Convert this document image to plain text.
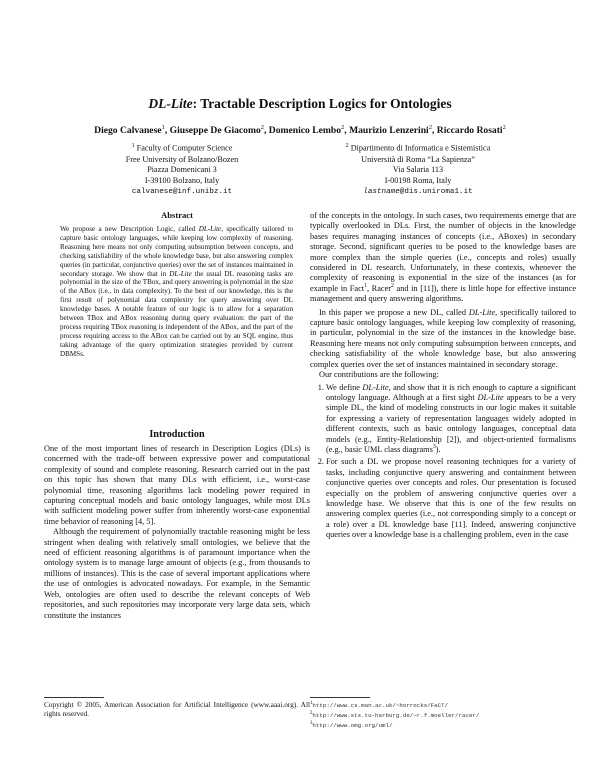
DL-Lite: Tractable Description Logics for Ontologies
Diego Calvanese$^1$, Giuseppe De Giacomo$^2$, Domenico Lembo$^2$, Maurizio Lenzerini$^2$, Riccardo Rosati$^2$
$^1$ Faculty of Computer Science
Free University of Bolzano/Bozen
Piazza Domenicani 3
I-39100 Bolzano, Italy
calvanese@inf.unibz.it
$^2$ Dipartimento di Informatica e Sistemistica
Università di Roma “La Sapienza”
Via Salaria 113
I-00198 Roma, Italy
lastname@dis.uniroma1.it
Abstract
We propose a new Description Logic, called DL-Lite, specifically tailored to capture basic ontology languages, while keeping low complexity of reasoning. Reasoning here means not only computing subsumption between concepts, and checking satisfiability of the whole knowledge base, but also answering complex queries (in particular, conjunctive queries) over the set of instances maintained in secondary storage. We show that in DL-Lite the usual DL reasoning tasks are polynomial in the size of the TBox, and query answering is polynomial in the size of the ABox (i.e., in data complexity). To the best of our knowledge, this is the first result of polynomial data complexity for query answering over DL knowledge bases. A notable feature of our logic is to allow for a separation between TBox and ABox reasoning during query evaluation: the part of the process requiring TBox reasoning is independent of the ABox, and the part of the process requiring access to the ABox can be carried out by an SQL engine, thus taking advantage of the query optimization strategies provided by current DBMSs.
Introduction

One of the most important lines of research in Description Logics (DLs) is concerned with the trade-off between expressive power and computational complexity of sound and complete reasoning. Research carried out in the past on this topic has shown that many DLs with efficient, i.e., worst-case polynomial time, reasoning algorithms lack modeling power required in capturing conceptual models and basic ontology languages, while most DLs with sufficient modeling power suffer from inherently worst-case exponential time behavior of reasoning [4, 5].

Although the requirement of polynomially tractable reasoning might be less stringent when dealing with relatively small ontologies, we believe that the need of efficient reasoning algorithms is of paramount importance when the ontology system is to manage large amount of objects (e.g., from thousands to millions of instances). This is the case of several important applications where the use of ontologies is advocated nowadays. For example, in the Semantic Web, ontologies are often used to describe the relevant concepts of Web repositories, and such repositories may incorporate very large data sets, which constitute the instances

Copyright © 2005, American Association for Artificial Intelligence (www.aaai.org). All rights reserved.

of the concepts in the ontology. In such cases, two requirements emerge that are typically overlooked in DLs. First, the number of objects in the knowledge bases requires managing instances of concepts (i.e., ABoxes) in secondary storage. Second, significant queries to be posed to the knowledge bases are more complex than the simple queries (i.e., concepts and roles) usually considered in DL research. Unfortunately, in these contexts, whenever the complexity of reasoning is exponential in the size of the instances (as for example in Fact$^1$, Racer$^2$ and in [11]), there is little hope for effective instance management and query answering algorithms.

In this paper we propose a new DL, called DL-Lite, specifically tailored to capture basic ontology languages, while keeping low complexity of reasoning, in particular, polynomial in the size of the instances in the knowledge base. Reasoning here means not only computing subsumption between concepts, and checking satisfiability of the whole knowledge base, but also answering complex queries over the set of instances maintained in secondary storage.

Our contributions are the following:

1. We define DL-Lite, and show that it is rich enough to capture a significant ontology language. Although at a first sight DL-Lite appears to be a very simple DL, the kind of modeling constructs in our logic makes it suitable for expressing a variety of representation languages widely adopted in different contexts, such as basic ontology languages, conceptual data models (e.g., Entity-Relationship [2]), and object-oriented formalisms (e.g., basic UML class diagrams$^3$).
2. For such a DL we propose novel reasoning techniques for a variety of tasks, including conjunctive query answering and containment between conjunctive queries over concepts and roles. Our presentation is focused especially on the problem of answering conjunctive queries over a knowledge base. We observe that this is one of the few results on answering complex queries (i.e., not corresponding simply to a concept or a role) over a DL knowledge base [11]. Indeed, answering conjunctive queries over a knowledge base is a challenging problem, even in the case
$^1$http://www.cs.man.ac.uk/~horrocks/FaCT/
$^2$http://www.sts.tu-harburg.de/~r.f.moeller/racer/
$^3$http://www.omg.org/uml/
